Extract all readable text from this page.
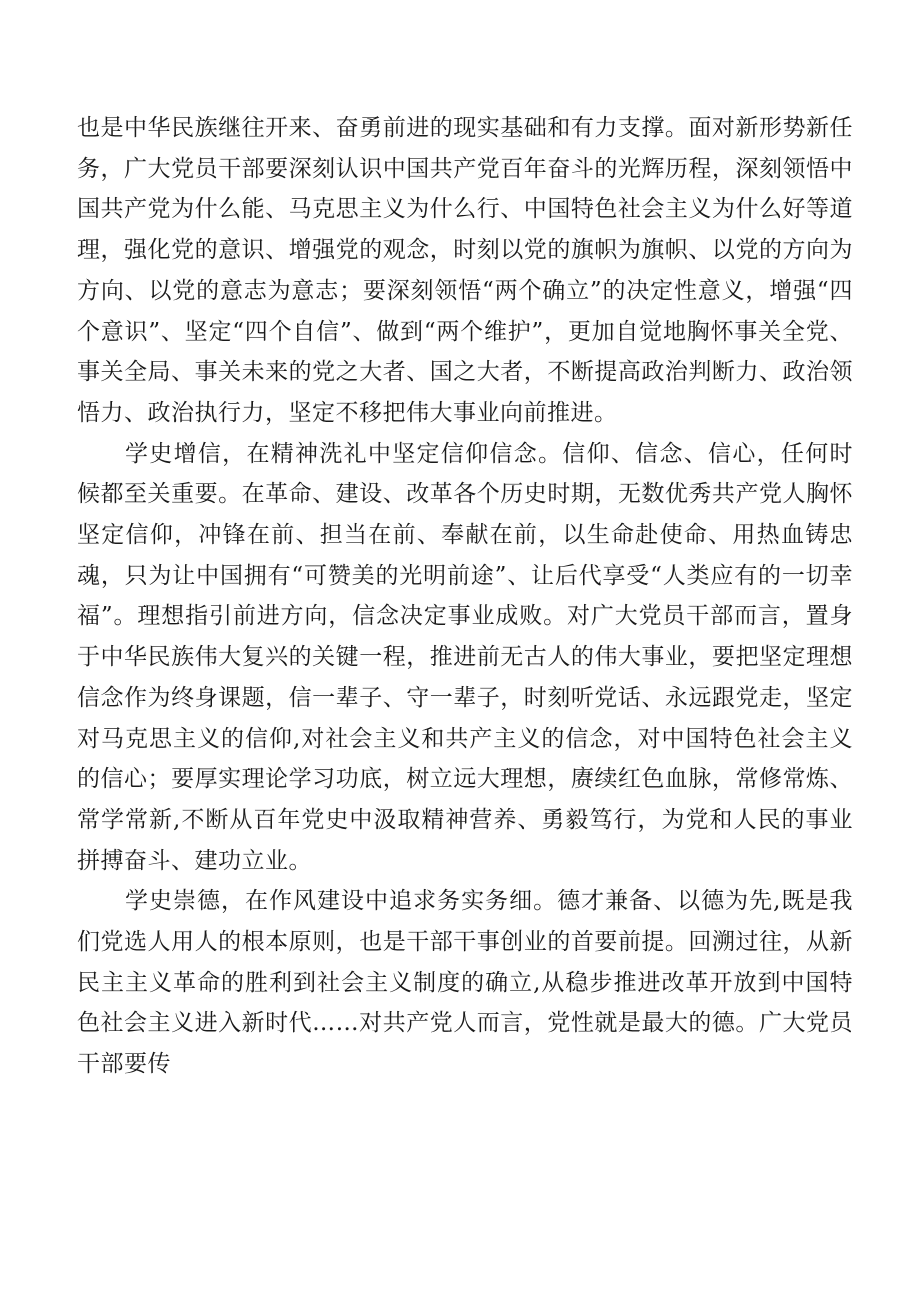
也是中华民族继往开来、奋勇前进的现实基础和有力支撑。面对新形势新任务，广大党员干部要深刻认识中国共产党百年奋斗的光辉历程，深刻领悟中国共产党为什么能、马克思主义为什么行、中国特色社会主义为什么好等道理，强化党的意识、增强党的观念，时刻以党的旗帜为旗帜、以党的方向为方向、以党的意志为意志；要深刻领悟“两个确立”的决定性意义，增强“四个意识”、坚定“四个自信”、做到“两个维护”，更加自觉地胸怀事关全党、事关全局、事关未来的党之大者、国之大者，不断提高政治判断力、政治领悟力、政治执行力，坚定不移把伟大事业向前推进。

学史增信，在精神洗礼中坚定信仰信念。信仰、信念、信心，任何时候都至关重要。在革命、建设、改革各个历史时期，无数优秀共产党人胸怀坚定信仰，冲锋在前、担当在前、奉献在前，以生命赴使命、用热血铸忠魂，只为让中国拥有“可赞美的光明前途”、让后代享受“人类应有的一切幸福”。理想指引前进方向，信念决定事业成败。对广大党员干部而言，置身于中华民族伟大复兴的关键一程，推进前无古人的伟大事业，要把坚定理想信念作为终身课题，信一辈子、守一辈子，时刻听党话、永远跟党走，坚定对马克思主义的信仰,对社会主义和共产主义的信念，对中国特色社会主义的信心；要厚实理论学习功底，树立远大理想，赓续红色血脉，常修常炼、常学常新,不断从百年党史中汲取精神营养、勇毅笃行，为党和人民的事业拼搏奋斗、建功立业。

学史崇德，在作风建设中追求务实务细。德才兼备、以德为先,既是我们党选人用人的根本原则，也是干部干事创业的首要前提。回溯过往，从新民主主义革命的胜利到社会主义制度的确立,从稳步推进改革开放到中国特色社会主义进入新时代……对共产党人而言，党性就是最大的德。广大党员干部要传
